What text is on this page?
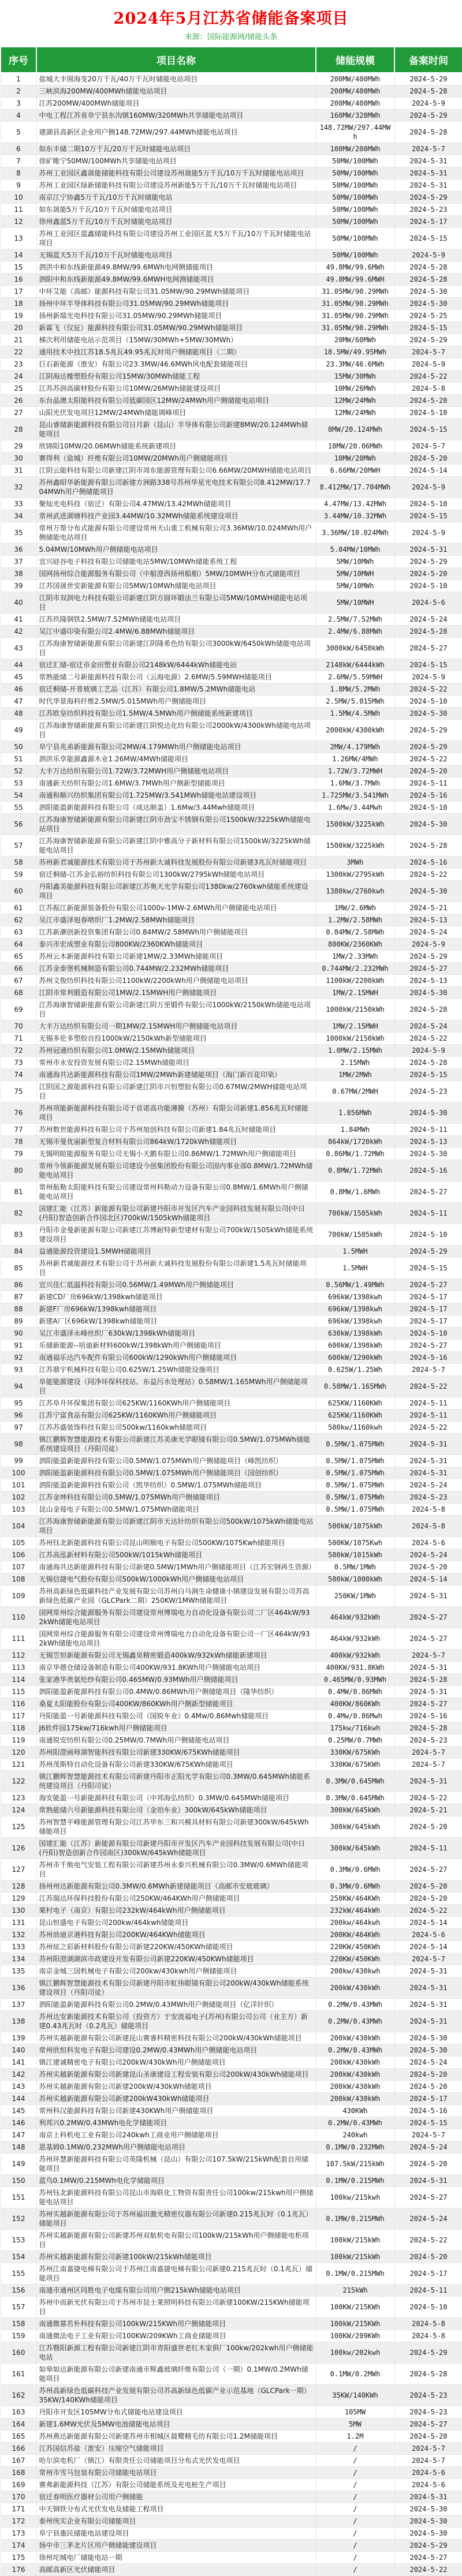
2024年5月江苏省储能备案项目
来源：国际能源网/储能头条
序号	项目名称	储能规模	备案时间
1	盐城大丰围海变20万千瓦/40万千瓦时储能电站项目	200MW/400MWh	2024-5-29
2	三峡滨海200MW/400MWh储能电站项目	200MW/400MWh	2024-5-28
3	江苏200MW/400MWh储能项目	200MW/400MWh	2024-5-9
4	中电工程江苏省阜宁县东沟镇160MW/320MWh共享储能电站项目	160MW/320MWh	2024-5-29
5	建湖县高新区企业用户侧148.72MW/297.44MWh储能电站项目	148.72MW/297.44MWh	2024-5-28
6	如东丰储二期10万千瓦/20万千瓦时储能电站项目	100MW/200MWh	2024-5-7
7	徐矿睢宁50MW/100MWh共享储能电站项目	50MW/100MWh	2024-5-31
8	苏州工业园区鑫晟能储能科技有限公司建设苏州晟能5万千瓦/10万千瓦时储能电站项目	50MW/100MWh	2024-5-31
9	苏州工业园区绿新储能科技有限公司建设苏州新能5万千瓦/10万千瓦时储能电站项目	50MW/100MWh	2024-5-31
10	南京江宁协鑫5万千瓦/10万千瓦时储能电站	50MW/100MWh	2024-5-29
11	如东晟能5万千瓦/10万千瓦时储能电站项目	50MW/100MWh	2024-5-23
12	徐州鑫蓝5万千瓦/10万千瓦时储能电站项目	50MW/100MWh	2024-5-17
13	苏州工业园区蓝鑫储能科技有限公司建设苏州工业园区蓝天5万千瓦/10万千瓦时储能电站项目	50MW/100MWh	2024-5-15
14	无锡蓝天5万千瓦/10万千瓦时储能电站项目	50MW/100MWh	2024-5-9
15	泗洪中和东线新能源49.8MW/99.6MWh电网侧储能项目	49.8MW/99.6MWh	2024-5-28
16	泗阳中和东线新能源49.8MW/99.6MWH电网测储能项目	49.8MW/99.6MWH	2024-5-28
17	中环艾能（高邮）能源科技有限公司31.05MW/90.29MWh储能项目	31.05MW/90.29MWh	2024-5-30
18	扬州中环半导体科技有限公司31.05MW/90.29MWh储能项目	31.05MW/90.29MWh	2024-5-30
19	扬州新瑞光电科技有限公司31.05MW/90.29MWh储能项目	31.05MW/90.29MWh	2024-5-25
20	新霖飞（仪征）能源科技有限公司31.05MW/90.29MWh储能项目	31.05MW/90.29MWh	2024-5-15
21	梯次利用储能电站示范项目（15MW/30MWh+5MW/30MWh）	20MW/60MWh	2024-5-29
22	通用技术中技江苏18.5兆瓦49.95兆瓦时用户侧储能项目（二期）	18.5MW/49.95MWh	2024-5-7
23	巨石新能源（淮安）有限公司23.3MW/46.6MWh风电配套储能项目	23.3MW/46.6MWh	2024-5-9
24	江阴海达橡塑股份有限公司15MW/30MWh储能工程	15MW/30MWh	2024-5-22
25	江苏苏润高碳材股份有限公司10MW/26MWh储能建设项目	10MW/26MWh	2024-5-8
26	东台晶澳太阳能科技有限公司低碳园区12MW/24MWh用户侧储能电站项目	12MW/24MWh	2024-5-28
27	山阳光伏发电项目12MW/24MWh储能调峰项目	12MW/24MWh	2024-5-10
28	昆山睿储新能源科技有限公司日月新（昆山）半导体有限公司新建8MW/20.124MWh储能项目	8MW/20.124MWh	2024-5-15
29	欣锦阳10MW/20.06MWh储能系统新建项目	10MW/20.06MWh	2024-5-7
30	赛得利（盐城）纤维有限公司10MW/20MWh用户侧储能项目	10MW/20MWh	2024-5-20
31	江阴云能科技有限公司新建江阴市周东能源管理有限公司6.66MW/20MWH储能电站项目	6.66MW/20MWH	2024-5-14
32	苏州鑫昭华新能源有限公司新建方洲路338号苏州华星光电技术有限公司8.412MW/17.704MWh用户侧储能项目	8.412MW/17.704MWh	2024-5-9
33	聚灿光电科技（宿迁）有限公司4.47MW/13.42MWh储能项目	4.47MW/13.42MWh	2024-5-10
34	常州武进湖塘科技产业园3.44MW/10.32MWh储能系统建设项目	3.44MW/10.32MWh	2024-5-15
35	常州万帮分布式能源有限公司建设常州天山重工机械有限公司3.36MW/10.024MWh用户侧储能电站项目	3.36MW/10.024MWh	2024-5-9
36	5.04MW/10MWh用户侧储能电站项目	5.04MW/10MWh	2024-5-31
37	宜兴硅谷电子科技有限公司储能电站5MW/10MWh储能系统工程	5MW/10MWh	2024-5-29
38	国网扬州综合能源服务有限公司（中船澄西扬州船舶）5MW/10MWH分布式储能项目	5MW/10MWH	2024-5-20
39	江苏国晟世安新能源有限公司5MW/10MWh储能电站项目	5MW/10MWh	2024-5-10
40	江阴市双润电力科技有限公司新建江阴方圆环锻法兰有限公司5MW/10MWH储能电站项目	5MW/10MWH	2024-5-6
41	江苏玖隆钢铁2.5MW/7.52MWh储能电站项目	2.5MW/7.52MWh	2024-5-24
42	吴江中盛印染有限公司2.4MW/6.88MWh储能项目	2.4MW/6.88MWh	2024-5-28
43	江苏海康智储新能源有限公司新建江阴隆希色纺有限公司3000kW/6450kWh储能电站项目	3000kW/6450kWh	2024-5-27
44	宿迁汇储-宿迁市金田塑业有限公司2148kW/6444kWh储能电站	2148kW/6444kWh	2024-5-15
45	常熟能储二号新能源科技有限公司（云海电源）2.6MW/5.59MWH储能项目	2.6MW/5.59MWH	2024-5-9
46	宿迁桐储-开普玻璃工艺品（江苏）有限公司1.8MW/5.2MWh储能电站	1.8MW/5.2MWh	2024-5-22
47	时代华景海科纤维2.5MW/5.015MWh用户侧储能项目	2.5MW/5.015MWh	2024-5-10
48	江苏欧皇纺织科技有限公司1.5MW/4.5MWh用户侧储能系统新建项目	1.5MW/4.5MWh	2024-5-30
49	江苏海康智储新能源有限公司新建江阴悦达化纺有限公司2000kW/4300kWh储能电站项目	2000kW/4300kWh	2024-5-29
50	阜宁县兆弟新能源有限公司2MW/4.179MWh用户侧储能电站项目	2MW/4.179MWh	2024-5-29
51	泗洪乐享能源鑫源木业1.26MW/4MWh储能项目	1.26MW/4MWh	2024-5-22
52	大丰万达纺织有限公司1.72W/3.72MWH用户侧储能电站项目	1.72W/3.72MWH	2024-5-20
53	南通新天纺织有限公司1.6MW/3.7MWh用户侧新型储能项目	1.6MW/3.7MWh	2024-5-11
54	南通和顺兴纺织集团有限公司1.725MW/3.541MWh储能电站建设项目	1.725MW/3.541MWh	2024-5-16
55	泗阳能盈新能源科技有限公司（成达制盖）1.6Mw/3.44Mwh储能项目	1.6Mw/3.44Mwh	2024-5-10
56	江苏海康智储新能源有限公司新建江阴市劲宝不锈钢有限公司1500kW/3225kWh储能电站项目	1500kW/3225kWh	2024-5-30
57	江苏海康智储新能源有限公司新建江阴中雅高分子新材料有限公司1500kW/3225kWh储能电站项目	1500kW/3225kWh	2024-5-28
58	苏州新君诚能源技术有限公司于苏州新大诚科技发展股份有限公司新建3兆瓦时储能项目	3MWh	2024-5-16
59	宿迁桐储-江苏金弘裕纺织科技有限公司1300kW/2795kWh储能电站项目	1300kW/2795kWh	2024-5-22
60	丹阳鑫美能源科技有限公司新建江苏奥天光学有限公司1380kw/2760kwh储能系统建设项目	1380kw/2760kwh	2024-5-30
61	江苏振江新能源装备股份有限公司1000v-1MW-2.6MWh用户侧储能电站项目	1MW/2.6MWh	2024-5-21
62	吴江市盛泽旭春喷织厂1.2MW/2.58MWh储能项目	1.2MW/2.58MWh	2024-5-13
63	江苏新潮创新投资集团有限公司0.84MW/2.58MWh用户侧储能项目	0.84MW/2.58MWh	2024-5-24
64	泰兴市宏成塑业有限公司800KW/2360KWh储能项目	800KW/2360KWh	2024-5-9
65	苏州云木新能源科技有限公司新建1MW/2.33MWh储能项目	1MW/2.33MWh	2024-5-29
66	江苏金泰堡机械制造有限公司0.744MW/2.232MWh储能项目	0.744MW/2.232MWh	2024-5-27
67	苏州文俊纺织科技有限公司1100kW/2200kWh用户侧储能电站项目	1100kW/2200kWh	2024-5-13
68	江阴市常利锻造有限公司1MW/2.15MWH用户侧储能项目	1MW/2.15MWH	2024-5-30
69	江苏海康智储新能源有限公司新建江阴万里锻件有限公司1000kW/2150kWh储能电站项目	1000kW/2150kWh	2024-5-28
70	大丰万达纺织有限公司一期1MW/2.15MWH用户侧储能电站项目	1MW/2.15MWH	2024-5-24
71	无锡多伦多塑胶自投1000kW/2150kWh新型储能项目	1000kW/2150kWh	2024-5-22
72	苏州冠通纺织有限公司1.0MW/2.15MWh储能项目	1.0MW/2.15MWh	2024-5-9
73	常州市永安投资发展有限公司2.15MWh储能项目	2.15MWh	2024-5-28
74	南通海共达新能源科技有限公司1MW/2MWh新建储能项目（海门新百花印染）	1MW/2MWh	2024-5-15
75	江阴国之源能源科技有限公司新建江阴市兴恒塑胶有限公司0.67MW/2MWH储能电站项目	0.67MW/2MWH	2024-5-23
76	苏州项能新能源科技有限公司于首诺高功能薄膜（苏州）有限公司新建1.856兆瓦时储能项目	1.856MWh	2024-5-30
77	苏州数世能源科技有限公司于苏州旭创科技有限公司新建1.84兆瓦时储能项目	1.84MWh	2024-5-11
78	无锡市曼优丽新型复合材料有限公司864kW/1720kWh储能项目	864kW/1720kWh	2024-5-13
79	无锡明暄能源服务有限公司无锡小天鹅有限公司0.86MW/1.72MWh用户侧储能项目	0.86MW/1.72MWh	2024-5-30
80	常州今领新能源发展有限公司建设今创集团股份有限公司国内事业部0.8MW/1.72MWh储能电站项目	0.8MW/1.72MWh	2024-5-16
81	常州航勒太阳能科技有限公司建设常州科勒动力设备有限公司0.8MW/1.6MWh用户侧储能电站项目	0.8MW/1.6MWh	2024-5-27
82	国建汇能（江苏）新能源有限公司新建丹阳市开发区汽车产业园科技发展有限公司(中日(丹阳)智造创新合作园北区)700kW/1505kWh储能项目	700kW/1505kWh	2024-5-11
83	丹阳市金曼新能源有限公司新建江苏博耐特新型建材有限公司700kW/1505kWh储能系统建设项目	700kW/1505kWh	2024-5-10
84	益通能源投资建设1.5MWH储能项目	1.5MWH	2024-5-29
85	苏州新君诚能源技术有限公司于苏州新大诚科技发展股份有限公司新建1.5兆瓦时储能项目	1.5MWH	2024-5-15
86	宜兴佳仁低温科技有限公司0.56MW/1.49MWh用户侧储能项目	0.56MW/1.49MWh	2024-5-27
87	新建CD厂房696kW/1398kwh储能项目	696kW/1398kwh	2024-5-17
88	新建F厂房696kW/1398kwh储能项目	696kW/1398kwh	2024-5-17
89	新建A厂区696kW/1398kwh储能项目	696kW/1398kwh	2024-5-17
90	吴江市盛泽永峰丝织厂630kW/1398kWh储能项目	630kW/1398kWh	2024-5-10
91	乐储新能源--培迪新材料600kW/1398kWh用户侧储能项目	600kW/1398kWh	2024-5-27
92	南通福乐达汽车配件有限公司600kW/1290kWh用户侧储能项目	600kW/1290kWh	2024-5-16
93	江苏鼎宇机械科技有限公司0.625W/1.25Wh储能设施项目	0.625W/1.25Wh	2024-5-7
94	阜能能源建设（同净环保科技站、东益污水处理站）0.58MW/1.165MWh用户侧储能项目	0.58MW/1.165MWh	2024-5-22
95	江苏阜升环保集团有限公司625KW/1160KWh用户侧储能项目	625KW/1160KWh	2024-5-11
96	江苏宁富食品有限公司625KW/1160KWh用户侧储能项目	625KW/1160KWh	2024-5-11
97	江苏苏盛装饰科技有限公司500kw/1160kwh储能项目	500kw/1160kwh	2024-5-22
98	镇江鹏辉智慧能源技术有限公司新建江苏美康光学眼镜有限公司0.5MW/1.075MWh储能系统建设项目（丹阳司徒）	0.5MW/1.075MWh	2024-5-31
99	泗阳能盈新能源科技有限公司0.5MW/1.075MWh用户侧储能项目（峰凯纺织）	0.5MW/1.075MWh	2024-5-31
100	泗阳能盈新能源科技有限公司0.5MW/1.075MWh用户侧储能项目（国创纺织）	0.5MW/1.075MWh	2024-5-31
101	泗阳能盈新能源科技有限公司（凯华纺织）0.5MW/1.075MWh储能项目	0.5MW/1.075MWh	2024-5-24
102	江苏金坤科技有限公司0.5MW/1.075MWh用户侧储能项目	0.5MW/1.075MWh	2024-5-23
103	昆山金莓电子有限公司0.5MW/1.075MWh储能项目	0.5MW/1.075MWh	2024-5-8
104	江苏海康智储新能源有限公司新建江阴市天达针纺织有限公司500kW/1075kWh储能电站项目	500kW/1075kWh	2024-5-8
105	苏州钰北新能源科技有限公司昆山明顺电子有限公司500KW/1075Kwh储能项目	500KW/1075Kwh	2024-5-6
106	江苏高泓新材料有限公司500kW/1015kWh储能项目	500kW/1015kWh	2024-5-24
107	南通海共达新能源科技有限公司新建0.5MW/1MWh用户侧储能项目（江苏宏钢再生资源）	0.5MW/1MWh	2024-5-20
108	无锡信捷电气股份有限公司500kW/1000kWh用户侧储能电站项目	500kW/1000kWh	2024-5-14
109	苏州高新绿色低碳科技产业发展有限公司苏州白马涧生命健康小镇建设发展有限公司苏高新绿色低碳产业园（GLCPark二期）250KW/1MWh储能项目	250KW/1MWh	2024-5-31
110	国网常州综合能源服务有限公司建设常州博瑞电力自动化设备有限公司二厂区464kW/932kWh储能电站项目	464kW/932kWh	2024-5-27
111	国网常州综合能源服务有限公司建设常州博瑞电力自动化设备有限公司一厂区464kW/932kWh储能电站项目	464kW/932kWh	2024-5-27
112	无锡笠恒新能源有限公司无锡鑫昊精密锻造400kW/932kWh储能新建项目	400kW/932kWh	2024-5-7
113	南京华德仓储设备制造有限公司400KW/931.8KWh用户侧储能电站项目	400KW/931.8KWh	2024-5-31
114	张家港华贵氨纶纱有限公司0.465MW/0.93MWh用户侧储能项目	0.465MW/0.93MWh	2024-5-28
115	泗阳能盈新能源科技有限公司0.4MW/0.86MWh用户侧储能项目（隆华纺织）	0.4MW/0.86MWh	2024-5-31
116	桑夏太阳能股份有限公司400KW/860KWh用户侧新型储能项目	400KW/860KWh	2024-5-27
117	丹阳能盈一号新能源科技有限公司（国锐车业）0.4Mw/0.86Mwh储能项目	0.4Mw/0.86Mwh	2024-5-16
118	J6软件园175kw/716kwh用户侧储能项目	175kw/716kwh	2024-5-28
119	南通锐安纺织有限公司0.25MW/0.7MWh用户侧储能电站项目	0.25MW/0.7MWh	2024-5-23
120	苏州阳澄画师湖智能科技有限公司新建330KW/675KWh储能项目	330KW/675KWh	2024-5-7
121	苏州茂斯特自动化设备有限公司新建330KW/675KWh储能项目	330KW/675KWh	2024-5-7
122	镇江鹏辉智慧能源技术有限公司新建丹阳市正阳光学有限公司0.3MW/0.645MWh储能系统建设项目（丹阳司徒）	0.3MW/0.645MWh	2024-5-31
123	海安能盈一号新能源科技有限公司（中邦海弘纺织）0.3MW/0.645MWh储能项目	0.3MW/0.645MWh	2024-5-22
124	常熟能储六号新能源科技有限公司（金珀车业）300kW/645kWh储能项目	300kW/645kWh	2024-5-21
125	苏州智慧平峰能源管理有限公司江苏华东三和兴模具材料有限公司新建300kW/645kWh储能项目	300kW/645kWh	2024-5-20
126	国建汇能（江苏）新能源有限公司新建丹阳市开发区汽车产业园科技发展有限公司(中日(丹阳)智造创新合作园南区)300kW/645kWh储能项目	300kW/645kWh	2024-5-11
127	苏州市千熊电气安装工程有限公司新建苏州永泰兴机械有限公司0.3MW/0.6MWh储能项目	0.3MW/0.6MWh	2024-5-27
128	扬州州达新能源有限公司0.3MW/0.6MWh新建储能项目（高邮市安玻玻璃）	0.3MW/0.6MWh	2024-5-20
129	江苏瑞达环保科技股份有限公司250KW/464KWh用户侧储能项目	250KW/464KWh	2024-5-20
130	栗村电子（南京）有限公司232kW/464kWh用户侧储能项目	232kW/464kWh	2024-5-22
131	昆山恒盛电子有限公司200kw/464kwh储能项目	200kw/464kwh	2024-5-14
132	苏州劢迪京港科技有限公司200KW/464KWh储能项目	200KW/464KWh	2024-5-6
133	苏州炫之彩新材料股份有限公司新建220KW/450KWh储能项目	220KW/450KWh	2024-5-14
134	苏州阳澄湖湖滨市政建设开发有限公司新建220KW/450KWh储能项目	220KW/450KWh	2024-5-7
135	南京金城三国机械电子有限公司200kw/430kwh用户侧储能项目	200kw/430kwh	2024-5-31
136	镇江鹏辉智慧能源技术有限公司新建丹阳市虹伟眼镜有限公司200kW/430kWh储能系统建设项目（丹阳司徒）	200kW/430kWh	2024-5-31
137	泗阳能盈新能源科技有限公司0.2MW/0.43MWh用户侧储能项目（亿洋针织）	0.2MW/0.43MWh	2024-5-31
138	苏州达安新能源技术有限公司（投资方）于安波福电子(苏州)有限公司公司（业主方）新建0.43兆瓦时（0.2兆瓦）储能项目	0.2MW/0.43MWh	2024-5-31
139	苏州实越新能源有限公司新建昆山赛睿科精密科技有限公司200kW/430kWh储能项目	200kW/430kWh	2024-5-30
140	常州欣恒科发电子有限公司建设0.2MW/0.43MWh用户侧储能电站项目	0.2MW/0.43MWh	2024-5-30
141	镇江建诚精密电子有限公司200kW/430kWh用户侧储能项目	200kW/430kWh	2024-5-24
142	苏州实越新能源有限公司新建昆山圣康建设工程安装有限公司200kW/430kWh储能项目	200kW/430kWh	2024-5-20
143	苏州实越新能源有限公司新建200kW/430kWh储能项目	200kW/430kWh	2024-5-20
144	苏州实越新能源有限公司新建200kW430kWh储能项目	200kW/430kWh	2024-5-17
145	常州科汉能源科技有限公司新建430KWh用户侧储能项目	430KWh	2024-5-16
146	利邦兴0.2MW/0.43MWh电化学储能项目	0.2MW/0.43MWh	2024-5-15
147	南京上科机电工业有限公司240kwh工商业用户侧储能项目	240kwh	2024-5-7
148	恩基姆0.1MW/0.232MWh用户侧储能电站项目	0.1MW/0.232MWh	2024-5-24
149	苏州环慧新能源科技有限公司英隆机械（昆山）有限公司107.5kW/215kWh配套自用储能项目	107.5kW/215kWh	2024-5-20
150	蓝鸟0.1MW/0.215MWh电化学储能项目	0.1MW/0.215MWh	2024-5-31
151	苏州钰北新能源科技有限公司昆山市海联化工物资有限责任公司100kw/215kwh用户侧储能电站项目	100kw/215kwh	2024-5-27
152	苏州实越新能源有限公司于苏州福田激光精密仪器有限公司新建0.215兆瓦时（0.1兆瓦）储能项目	0.1MW/0.215MWh	2024-5-24
153	苏州实越新能源有限公司新建苏州双航机电有限公司100kW/215kWh用户侧储能电柜项目	100kW/215kWh	2024-5-22
154	苏州实越新能源有限公司新建100kW/215kWh储能项目	100kW/215kWh	2024-5-20
155	苏州江南嘉捷电梯有限公司于苏州江南嘉捷电梯有限公司新建0.215兆瓦时（0.1兆瓦）储能项目	0.1MW/0.215MWh	2024-5-17
156	南通市通州区同胜电子电缆有限公司用户侧215kWh储能电站项目	215kWh	2024-5-11
157	苏州中而新光伏有限公司于苏州市昆士莱照明科技有限公司新建100KW/215KWh储能项目	100KW/215KWh	2024-5-10
158	南通微慕若朴科技有限公司100kW/215KWh用户侧储能项目	100kW/215KWh	2024-5-8
159	南通微法电子工业有限公司100KW/209KWh工商业储能项目	100KW/209KWh	2024-5-8
160	江苏暨阳新源工程有限公司新建江阴市青阳盛世老红木家俱厂100kw/202kwh用户侧储能电站	100kw/202kwh	2024-5-29
161	如皋如达新能源有限公司新建南通市辉鑫玻璃纤维有限公司（一期）0.1MW/0.2MWh储能项目	0.1MW/0.2MWh	2024-5-28
162	苏州高新绿色低碳科技产业发展有限公司苏高新绿色低碳产业示范基地（GLCPark一期）35KW/140KWh储能项目	35KW/140KWh	2024-5-23
163	丹阳市开发区105MW分布式储能电站建设项目	105MW	2024-5-23
164	新建1.6MW光伏及5MW电池储能电站项目	5MW	2024-5-27
165	苏州燕达新能源有限公司新建苏州市相城区晨鹭精毛纺有限公司1.2M储能项目	1.2M	2024-5-20
166	江苏国信苏盐（淮安）压缩空气储能项目	/	2024-5-7
167	哈尔滨电机厂（镇江）有限责任公司储能项目分布式光伏发电项目	/	2024-5-7
168	常州市雪马包装有限公司储能电站项目	/	2024-5-6
169	赛弗新能源科技（江苏）有限公司储能系统及充电桩生产项目	/	2024-5-6
170	宿迁春明医疗器材公司用户侧储能	/	2024-5-31
171	中天钢铁分布式光伏发电及储能工程项目	/	2024-5-30
172	泰州统实企业有限公司储能项目	/	2024-5-30
173	阜宁县惠民储能电站建设项目	/	2024-5-30
174	扬中市三茅北片区用户侧储能建设项目	/	2024-5-29
175	徐州坨城电厂储能电站一期	/	2024-5-27
176	高邮高新区光伏储能项目	/	2024-5-22
